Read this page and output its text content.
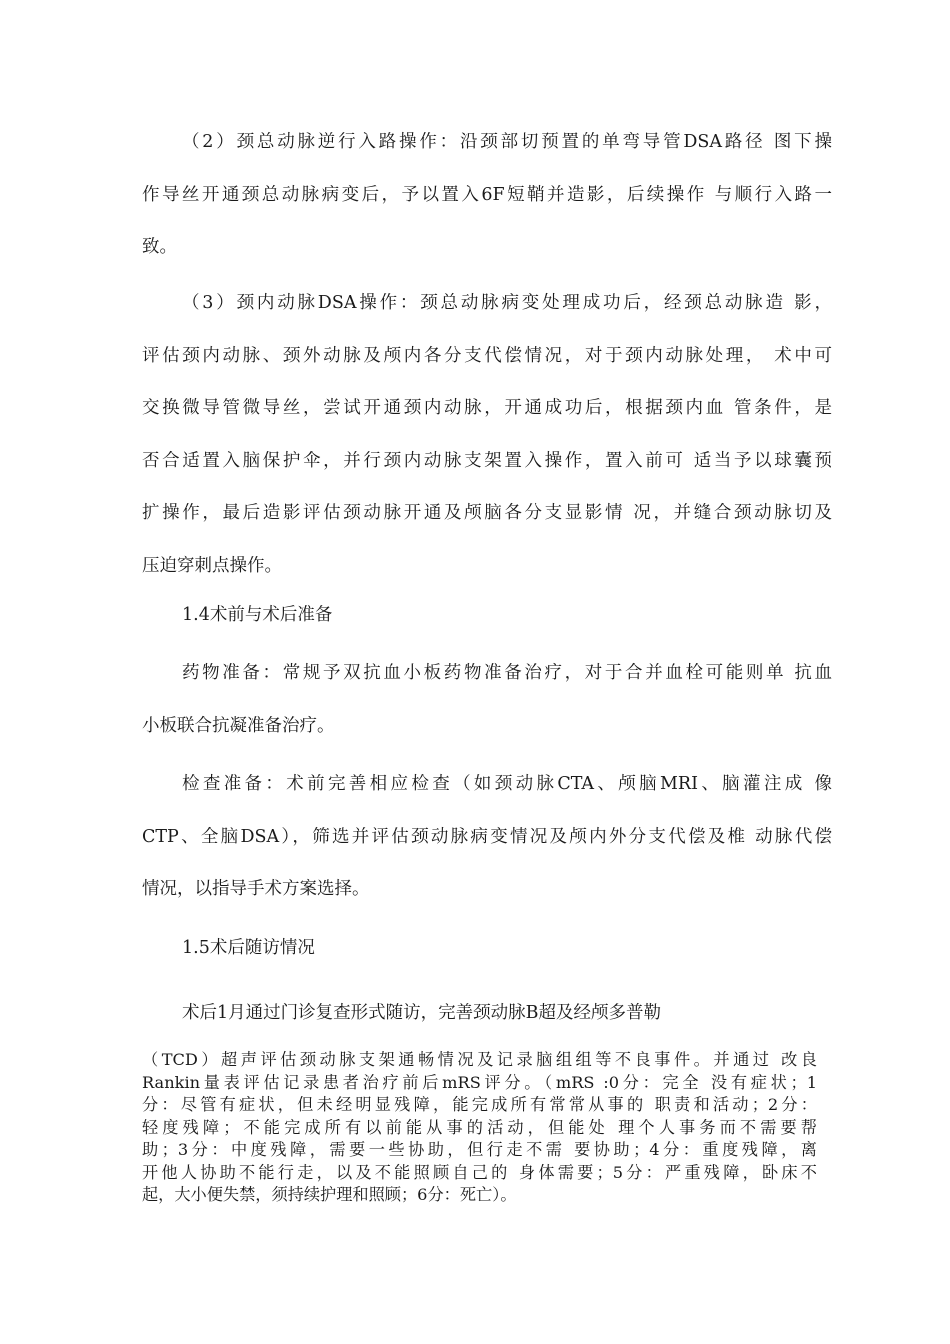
（2）颈总动脉逆行入路操作：沿颈部切预置的单弯导管DSA路径 图下操
作导丝开通颈总动脉病变后，予以置入6F短鞘并造影，后续操作 与顺行入路一
致。

（3）颈内动脉DSA操作：颈总动脉病变处理成功后，经颈总动脉造 影，
评估颈内动脉、颈外动脉及颅内各分支代偿情况，对于颈内动脉处理， 术中可
交换微导管微导丝，尝试开通颈内动脉，开通成功后，根据颈内血 管条件，是
否合适置入脑保护伞，并行颈内动脉支架置入操作，置入前可 适当予以球囊预
扩操作，最后造影评估颈动脉开通及颅脑各分支显影情 况，并缝合颈动脉切及
压迫穿刺点操作。

1.4术前与术后准备

药物准备：常规予双抗血小板药物准备治疗，对于合并血栓可能则单 抗血
小板联合抗凝准备治疗。

检查准备：术前完善相应检查（如颈动脉CTA、颅脑MRI、脑灌注成 像
CTP、全脑DSA），筛选并评估颈动脉病变情况及颅内外分支代偿及椎 动脉代偿
情况，以指导手术方案选择。

1.5术后随访情况

术后1月通过门诊复查形式随访，完善颈动脉B超及经颅多普勒

（TCD）超声评估颈动脉支架通畅情况及记录脑组组等不良事件。并通过 改良
Rankin量表评估记录患者治疗前后mRS评分。（mRS :0分：完全 没有症状；1
分：尽管有症状，但未经明显残障，能完成所有常常从事的 职责和活动；2分：
轻度残障；不能完成所有以前能从事的活动，但能处 理个人事务而不需要帮
助；3分：中度残障，需要一些协助，但行走不需 要协助；4分：重度残障，离
开他人协助不能行走，以及不能照顾自己的 身体需要；5分：严重残障，卧床不
起，大小便失禁，须持续护理和照顾；6分：死亡）。
